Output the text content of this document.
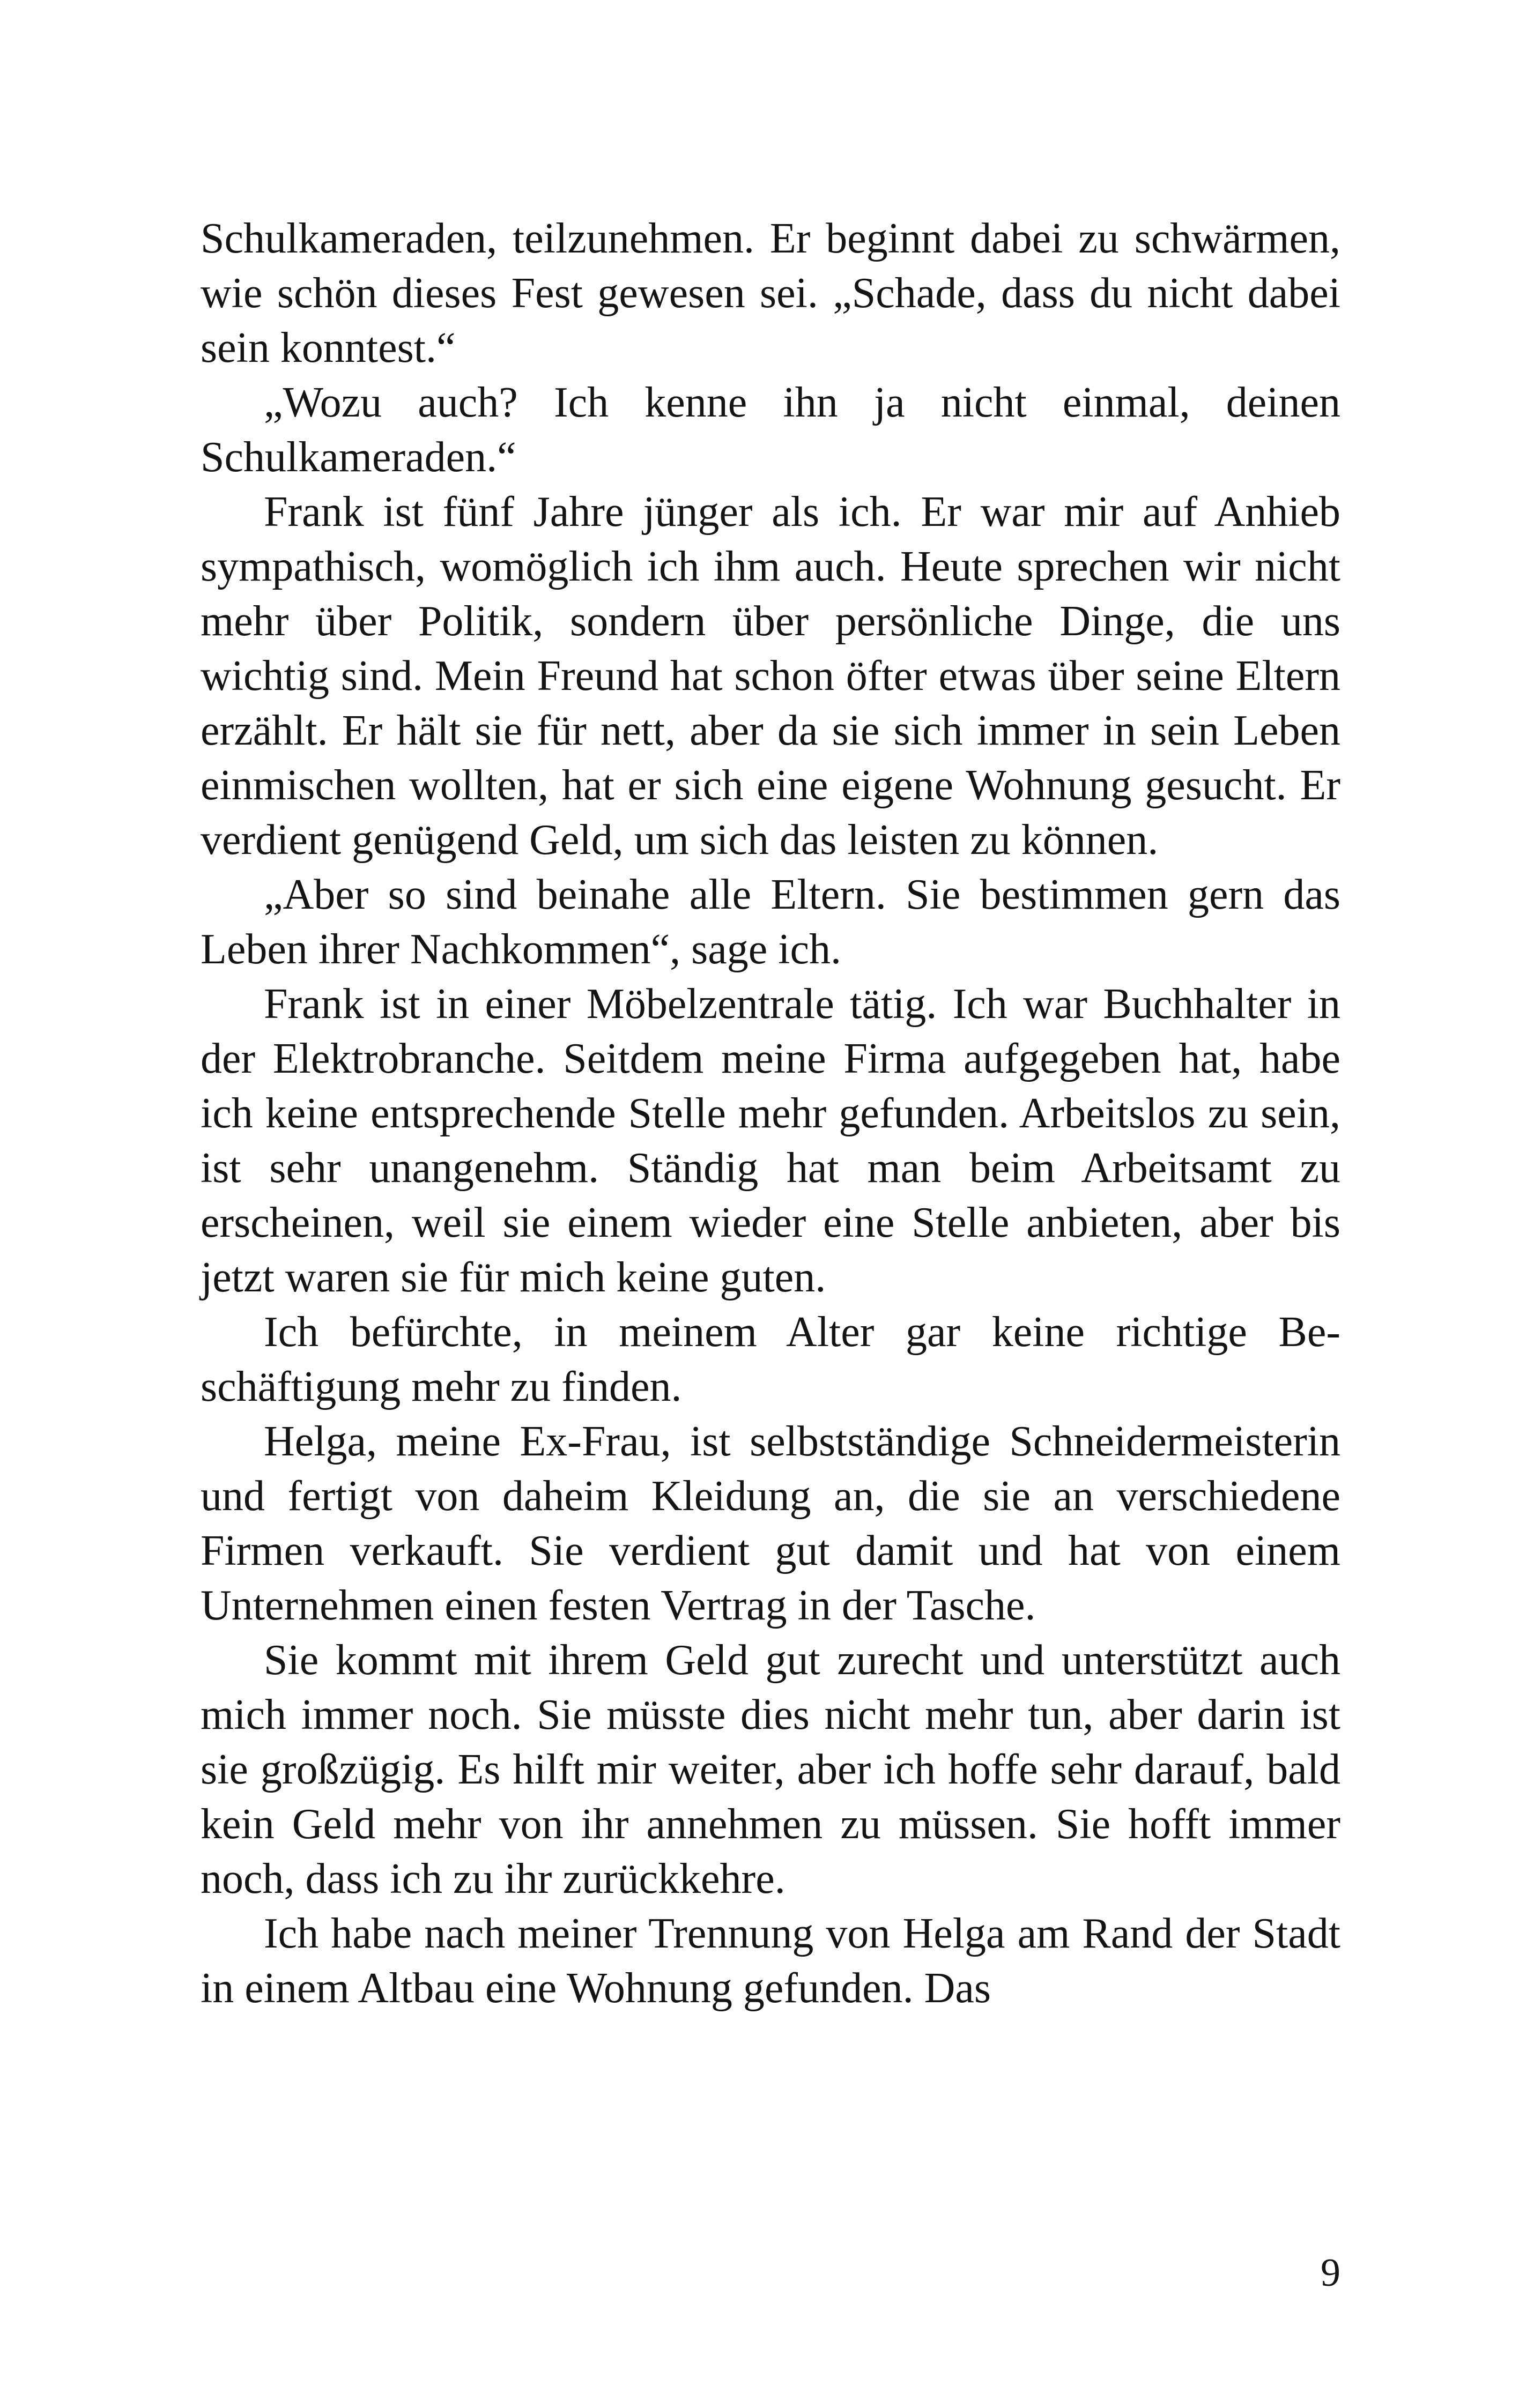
Schulkameraden, teilzunehmen. Er beginnt dabei zu schwärmen, wie schön dieses Fest gewesen sei. „Schade, dass du nicht dabei sein konntest.“

„Wozu auch? Ich kenne ihn ja nicht einmal, deinen Schulkameraden.“

Frank ist fünf Jahre jünger als ich. Er war mir auf Anhieb sympathisch, womöglich ich ihm auch. Heute sprechen wir nicht mehr über Politik, sondern über persönliche Dinge, die uns wichtig sind. Mein Freund hat schon öfter etwas über seine Eltern erzählt. Er hält sie für nett, aber da sie sich immer in sein Leben einmischen wollten, hat er sich eine eigene Wohnung gesucht. Er verdient genügend Geld, um sich das leisten zu können.

„Aber so sind beinahe alle Eltern. Sie bestimmen gern das Leben ihrer Nachkommen“, sage ich.

Frank ist in einer Möbelzentrale tätig. Ich war Buchhalter in der Elektrobranche. Seitdem meine Firma aufgegeben hat, habe ich keine entsprechende Stelle mehr gefunden. Arbeitslos zu sein, ist sehr unangenehm. Ständig hat man beim Arbeitsamt zu erscheinen, weil sie einem wieder eine Stelle anbieten, aber bis jetzt waren sie für mich keine guten.

Ich befürchte, in meinem Alter gar keine richtige Beschäftigung mehr zu finden.

Helga, meine Ex-Frau, ist selbstständige Schneidermeisterin und fertigt von daheim Kleidung an, die sie an verschiedene Firmen verkauft. Sie verdient gut damit und hat von einem Unternehmen einen festen Vertrag in der Tasche.

Sie kommt mit ihrem Geld gut zurecht und unterstützt auch mich immer noch. Sie müsste dies nicht mehr tun, aber darin ist sie großzügig. Es hilft mir weiter, aber ich hoffe sehr darauf, bald kein Geld mehr von ihr annehmen zu müssen. Sie hofft immer noch, dass ich zu ihr zurückkehre.

Ich habe nach meiner Trennung von Helga am Rand der Stadt in einem Altbau eine Wohnung gefunden. Das

9
